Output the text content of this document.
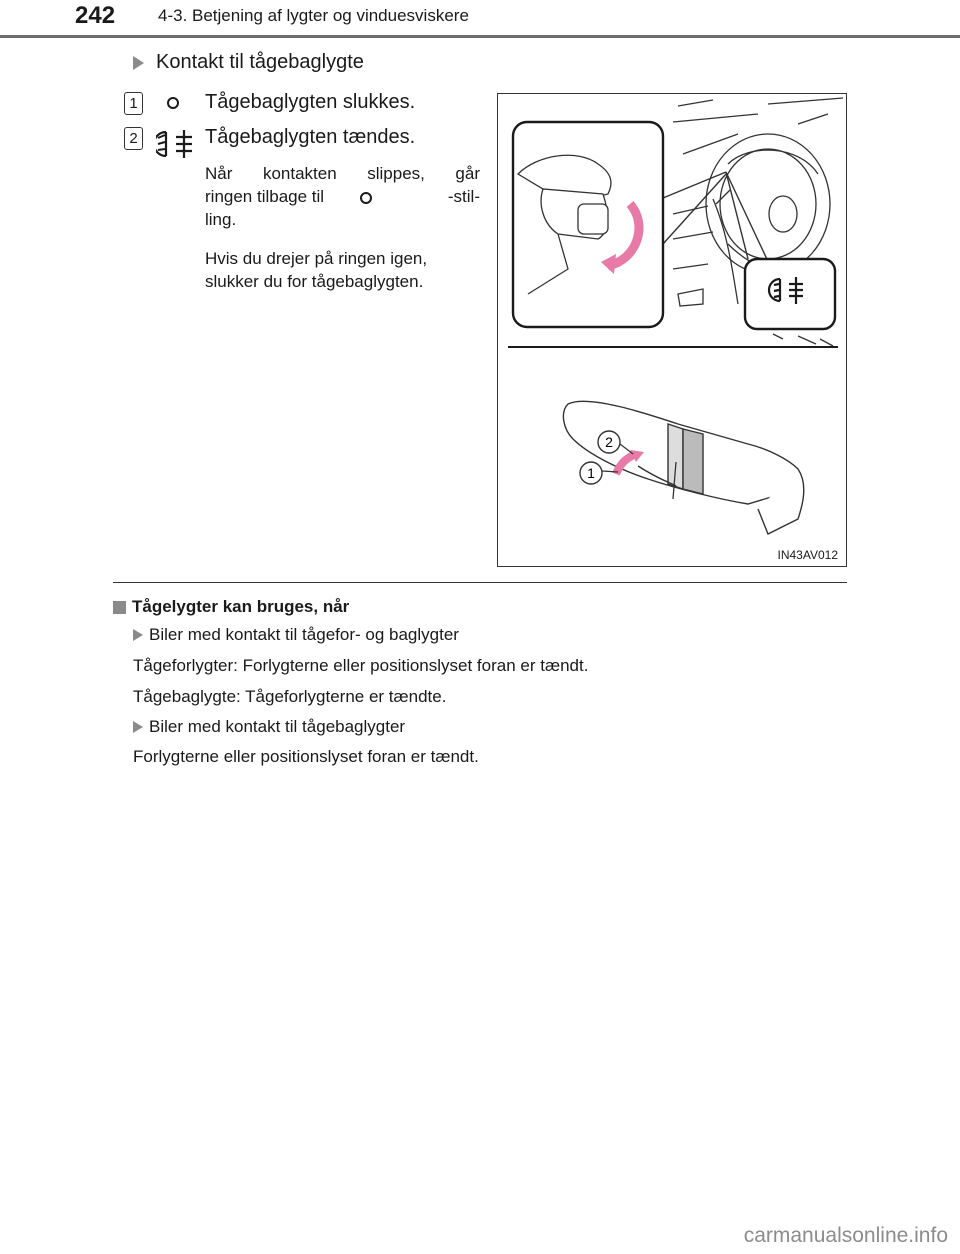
242	4-3. Betjening af lygter og vinduesviskere
Kontakt til tågebaglygte
1	Tågebaglygten slukkes.
2	Tågebaglygten tændes.
Når kontakten slippes, går
ringen tilbage til	-stil-
ling.
Hvis du drejer på ringen igen, slukker du for tågebaglygten.
2
1
IN43AV012
Tågelygter kan bruges, når
Biler med kontakt til tågefor- og baglygter
Tågeforlygter: Forlygterne eller positionslyset foran er tændt.
Tågebaglygte: Tågeforlygterne er tændte.
Biler med kontakt til tågebaglygter
Forlygterne eller positionslyset foran er tændt.
carmanualsonline.info
